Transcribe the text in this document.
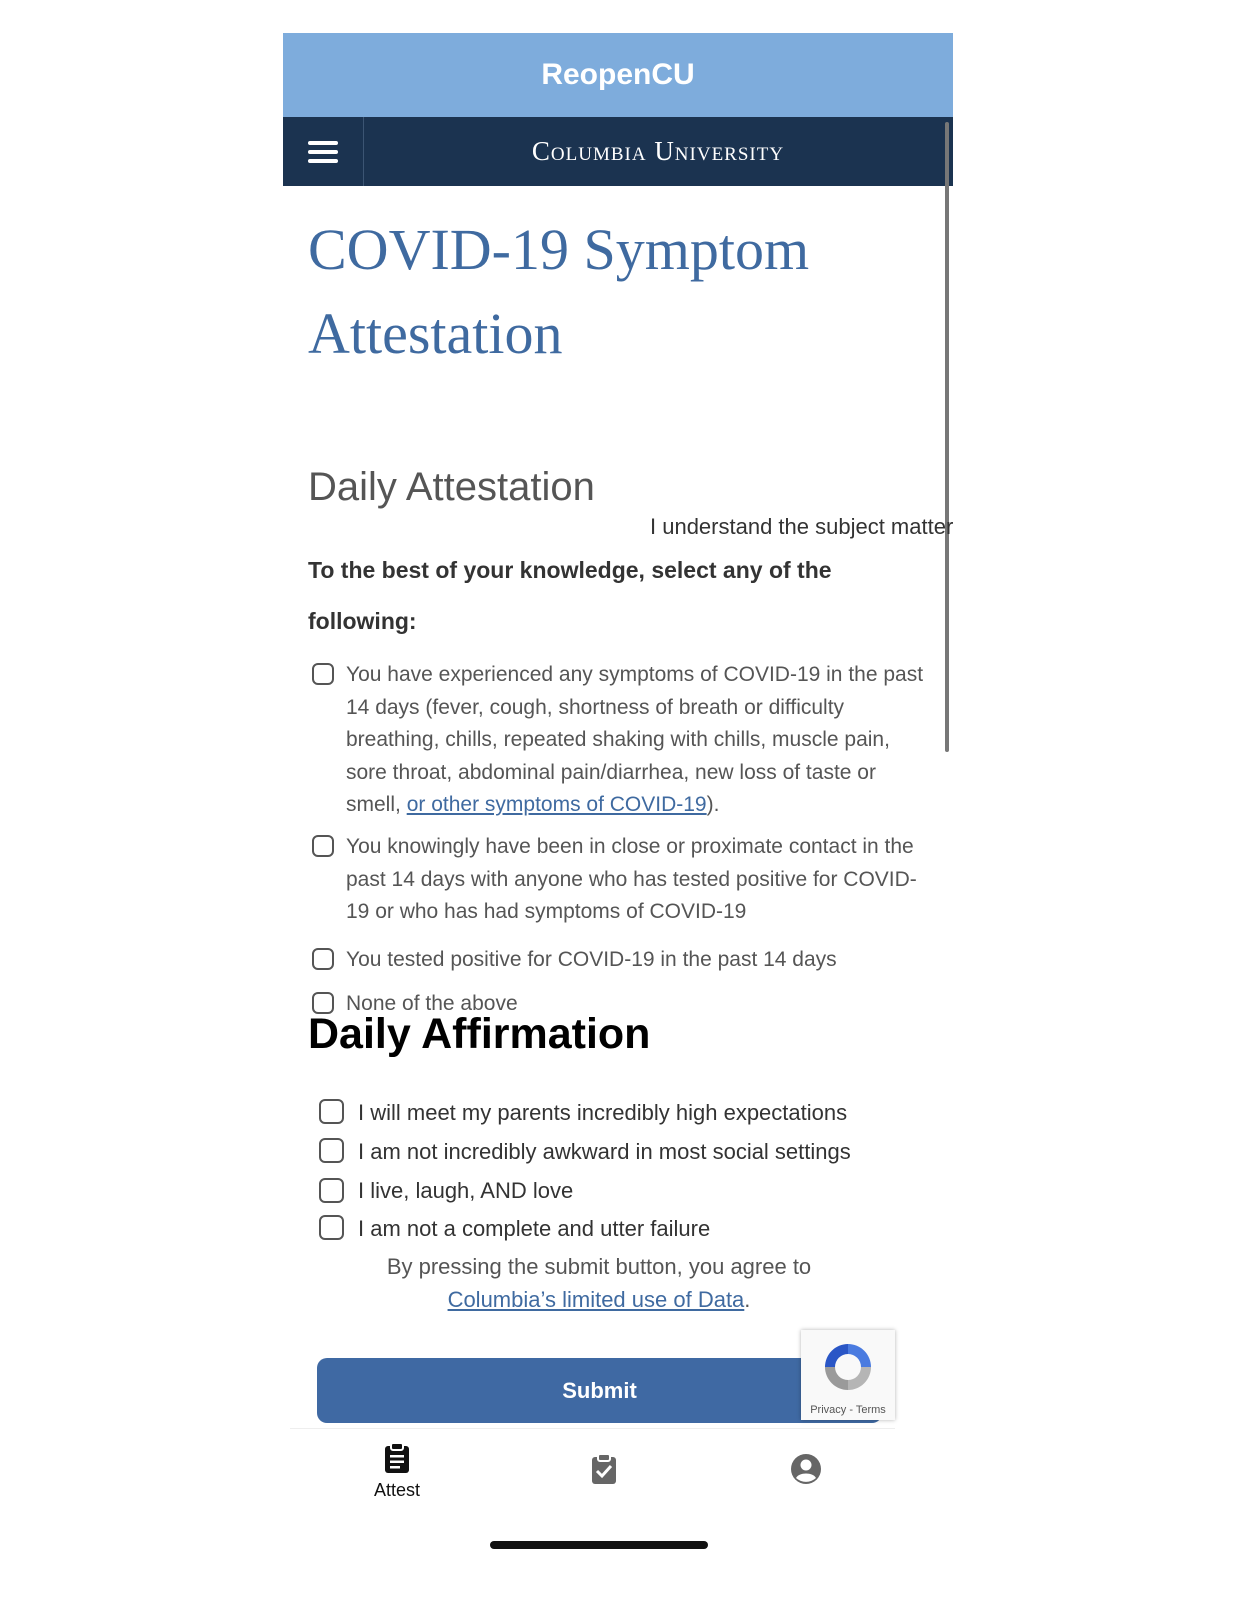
ReopenCU
Columbia University
COVID-19 Symptom Attestation
Daily Attestation
I understand the subject matter

To the best of your knowledge, select any of the following:

You have experienced any symptoms of COVID-19 in the past 14 days (fever, cough, shortness of breath or difficulty breathing, chills, repeated shaking with chills, muscle pain, sore throat, abdominal pain/diarrhea, new loss of taste or smell, or other symptoms of COVID-19).
You knowingly have been in close or proximate contact in the past 14 days with anyone who has tested positive for COVID-19 or who has had symptoms of COVID-19
You tested positive for COVID-19 in the past 14 days
None of the above
Daily Affirmation
I will meet my parents incredibly high expectations
I am not incredibly awkward in most social settings
I live, laugh, AND love
I am not a complete and utter failure
By pressing the submit button, you agree to
Columbia’s limited use of Data.
Submit
Privacy - Terms
Attest
